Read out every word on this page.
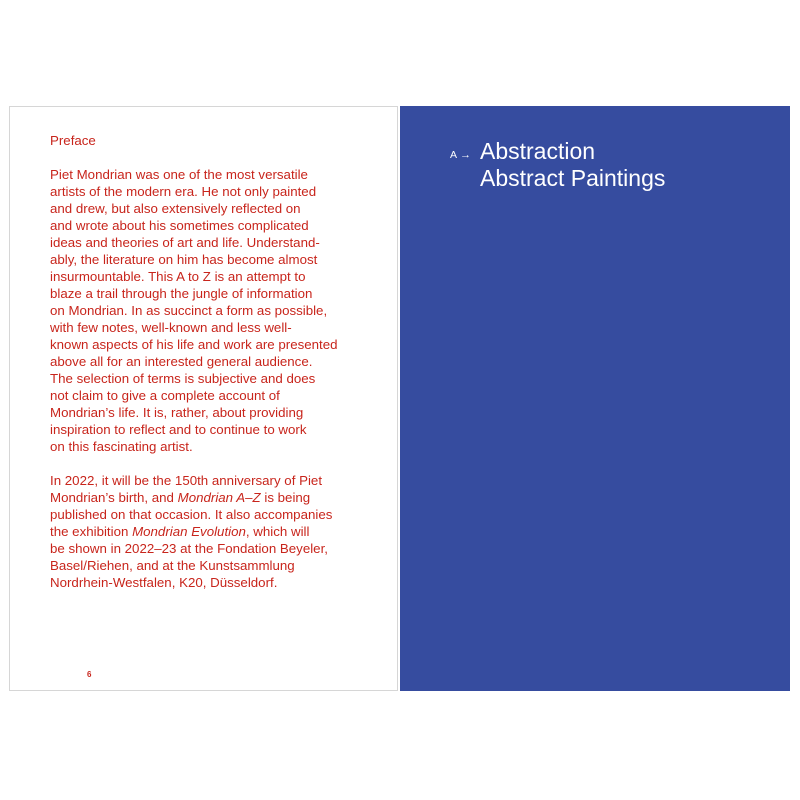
Preface

Piet Mondrian was one of the most versatile
artists of the modern era. He not only painted
and drew, but also extensively reflected on
and wrote about his sometimes complicated
ideas and theories of art and life. Understand-
ably, the literature on him has become almost
insurmountable. This A to Z is an attempt to
blaze a trail through the jungle of information
on Mondrian. In as succinct a form as possible,
with few notes, well-known and less well-
known aspects of his life and work are presented
above all for an interested general audience.
The selection of terms is subjective and does
not claim to give a complete account of
Mondrian’s life. It is, rather, about providing
inspiration to reflect and to continue to work
on this fascinating artist.

In 2022, it will be the 150th anniversary of Piet
Mondrian’s birth, and Mondrian A–Z is being
published on that occasion. It also accompanies
the exhibition Mondrian Evolution, which will
be shown in 2022–23 at the Fondation Beyeler,
Basel/Riehen, and at the Kunstsammlung
Nordrhein-Westfalen, K20, Düsseldorf.

6
A → Abstraction
Abstract Paintings
